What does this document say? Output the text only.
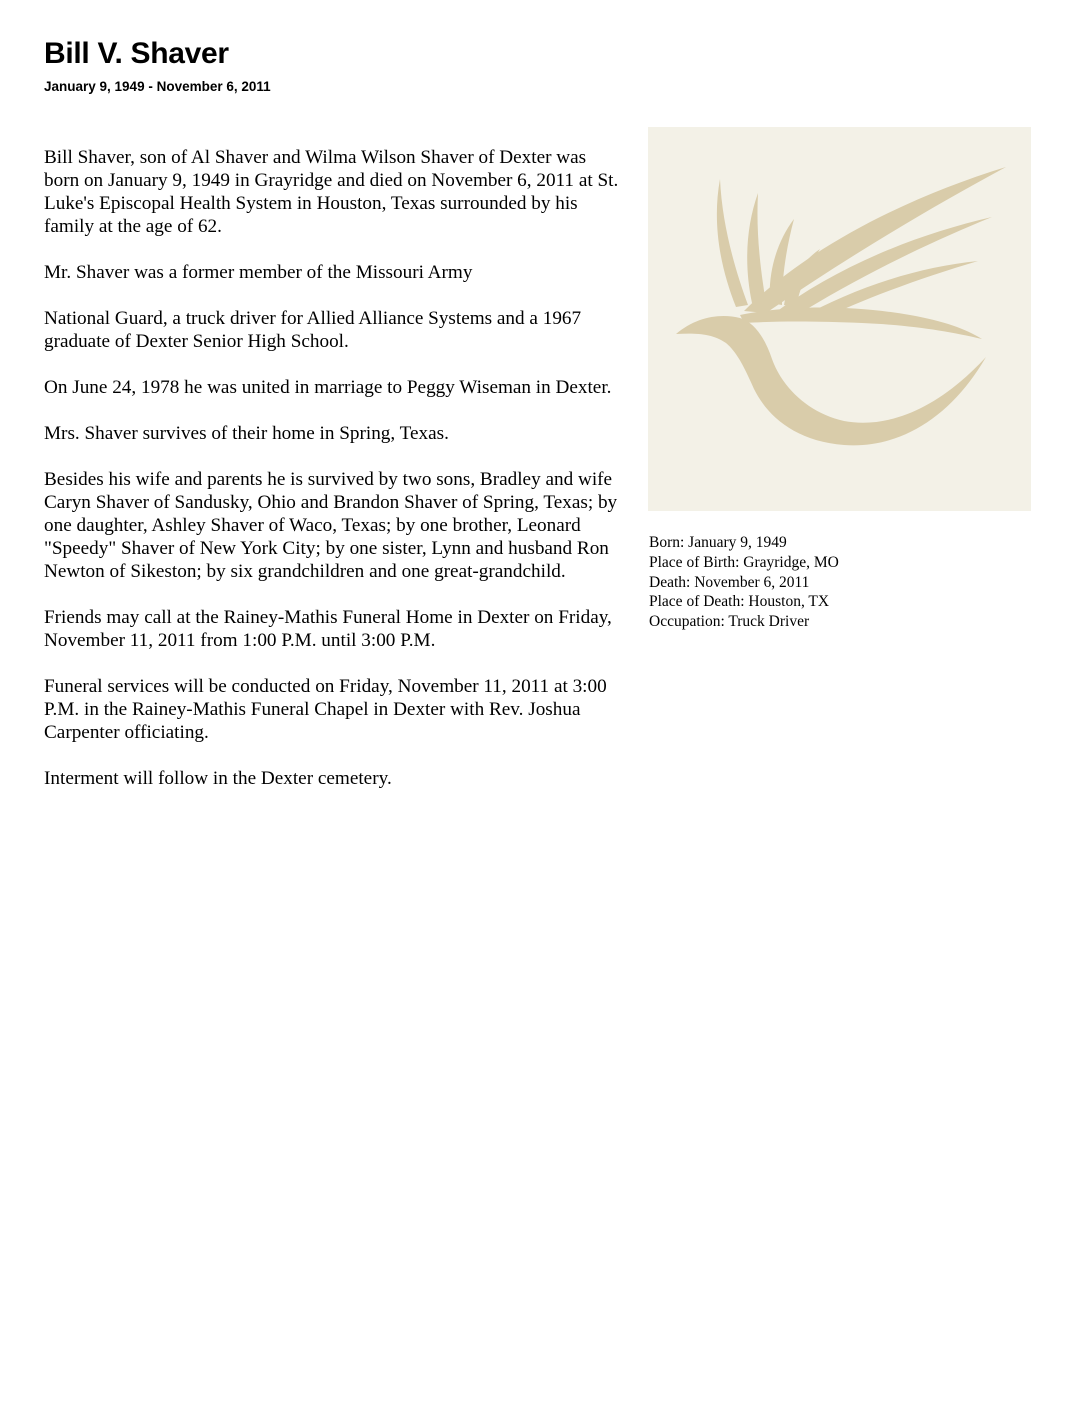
Bill V. Shaver
January 9, 1949 - November 6, 2011

Bill Shaver, son of Al Shaver and Wilma Wilson Shaver of Dexter was born on January 9, 1949 in Grayridge and died on November 6, 2011 at St. Luke's Episcopal Health System in Houston, Texas surrounded by his family at the age of 62.

Mr. Shaver was a former member of the Missouri Army

National Guard, a truck driver for Allied Alliance Systems and a 1967 graduate of Dexter Senior High School.

On June 24, 1978 he was united in marriage to Peggy Wiseman in Dexter.

Mrs. Shaver survives of their home in Spring, Texas.

Besides his wife and parents he is survived by two sons, Bradley and wife Caryn Shaver of Sandusky, Ohio and Brandon Shaver of Spring, Texas; by one daughter, Ashley Shaver of Waco, Texas; by one brother, Leonard "Speedy" Shaver of New York City; by one sister, Lynn and husband Ron Newton of Sikeston; by six grandchildren and one great-grandchild.

Friends may call at the Rainey-Mathis Funeral Home in Dexter on Friday, November 11, 2011 from 1:00 P.M. until 3:00 P.M.

Funeral services will be conducted on Friday, November 11, 2011 at 3:00 P.M. in the Rainey-Mathis Funeral Chapel in Dexter with Rev. Joshua Carpenter officiating.

Interment will follow in the Dexter cemetery.

Born: January 9, 1949
Place of Birth: Grayridge, MO
Death: November 6, 2011
Place of Death: Houston, TX
Occupation: Truck Driver
